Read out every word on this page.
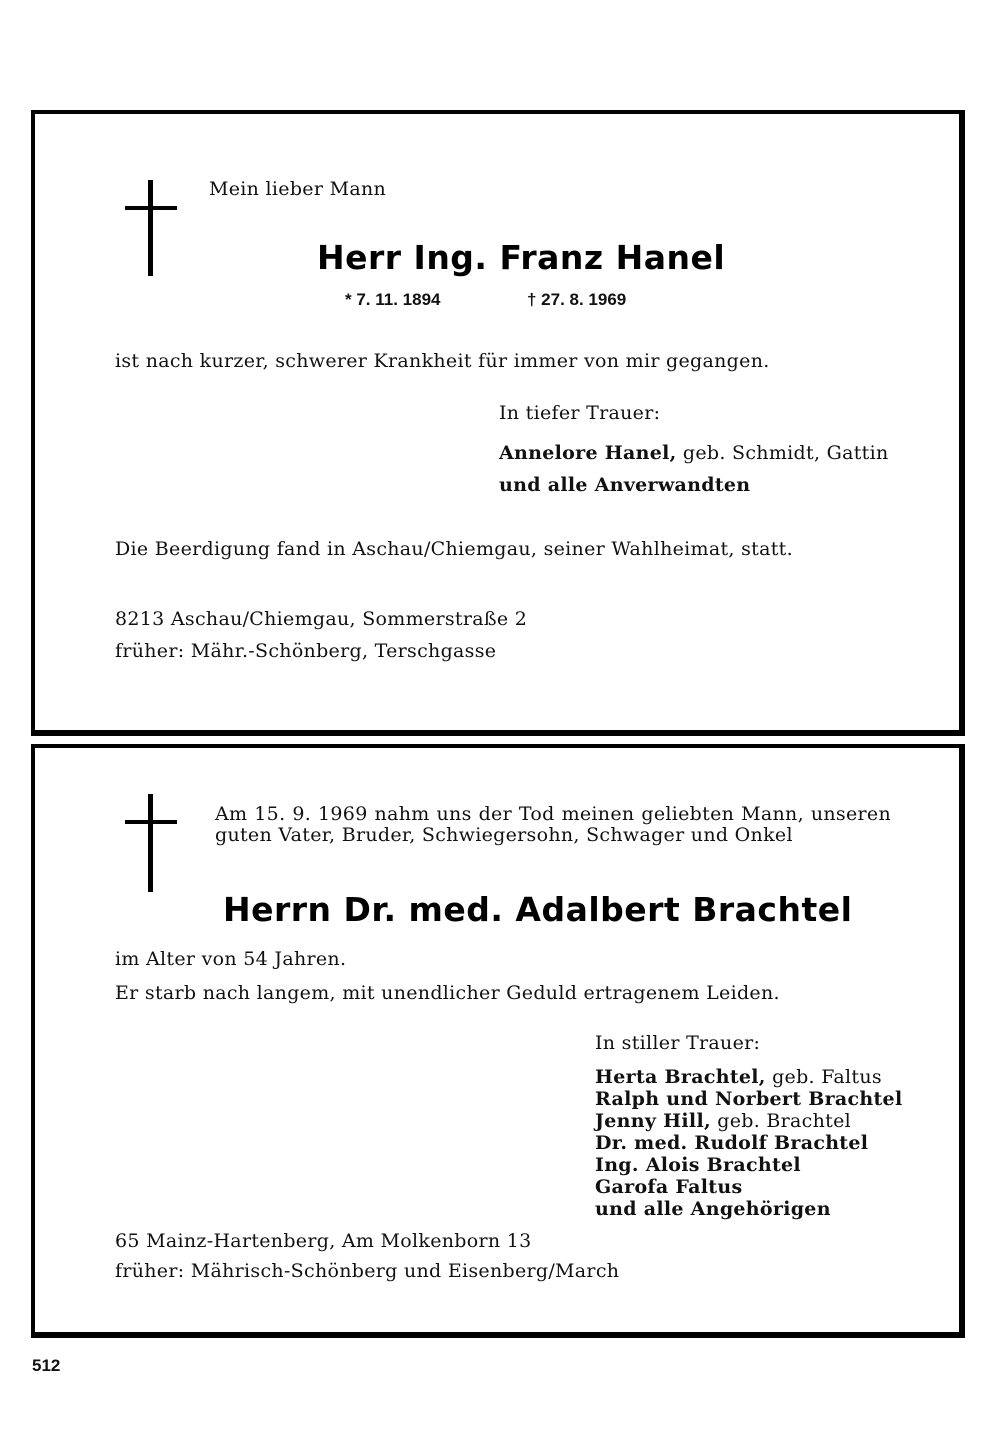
Mein lieber Mann
Herr Ing. Franz Hanel
* 7. 11. 1894	† 27. 8. 1969
ist nach kurzer, schwerer Krankheit für immer von mir gegangen.
In tiefer Trauer:
Annelore Hanel, geb. Schmidt, Gattin
und alle Anverwandten
Die Beerdigung fand in Aschau/Chiemgau, seiner Wahlheimat, statt.
8213 Aschau/Chiemgau, Sommerstraße 2
früher: Mähr.-Schönberg, Terschgasse
Am 15. 9. 1969 nahm uns der Tod meinen geliebten Mann, unseren guten Vater, Bruder, Schwiegersohn, Schwager und Onkel
Herrn Dr. med. Adalbert Brachtel
im Alter von 54 Jahren.
Er starb nach langem, mit unendlicher Geduld ertragenem Leiden.
In stiller Trauer:
Herta Brachtel, geb. Faltus
Ralph und Norbert Brachtel
Jenny Hill, geb. Brachtel
Dr. med. Rudolf Brachtel
Ing. Alois Brachtel
Garofa Faltus
und alle Angehörigen
65 Mainz-Hartenberg, Am Molkenborn 13
früher: Mährisch-Schönberg und Eisenberg/March
512
